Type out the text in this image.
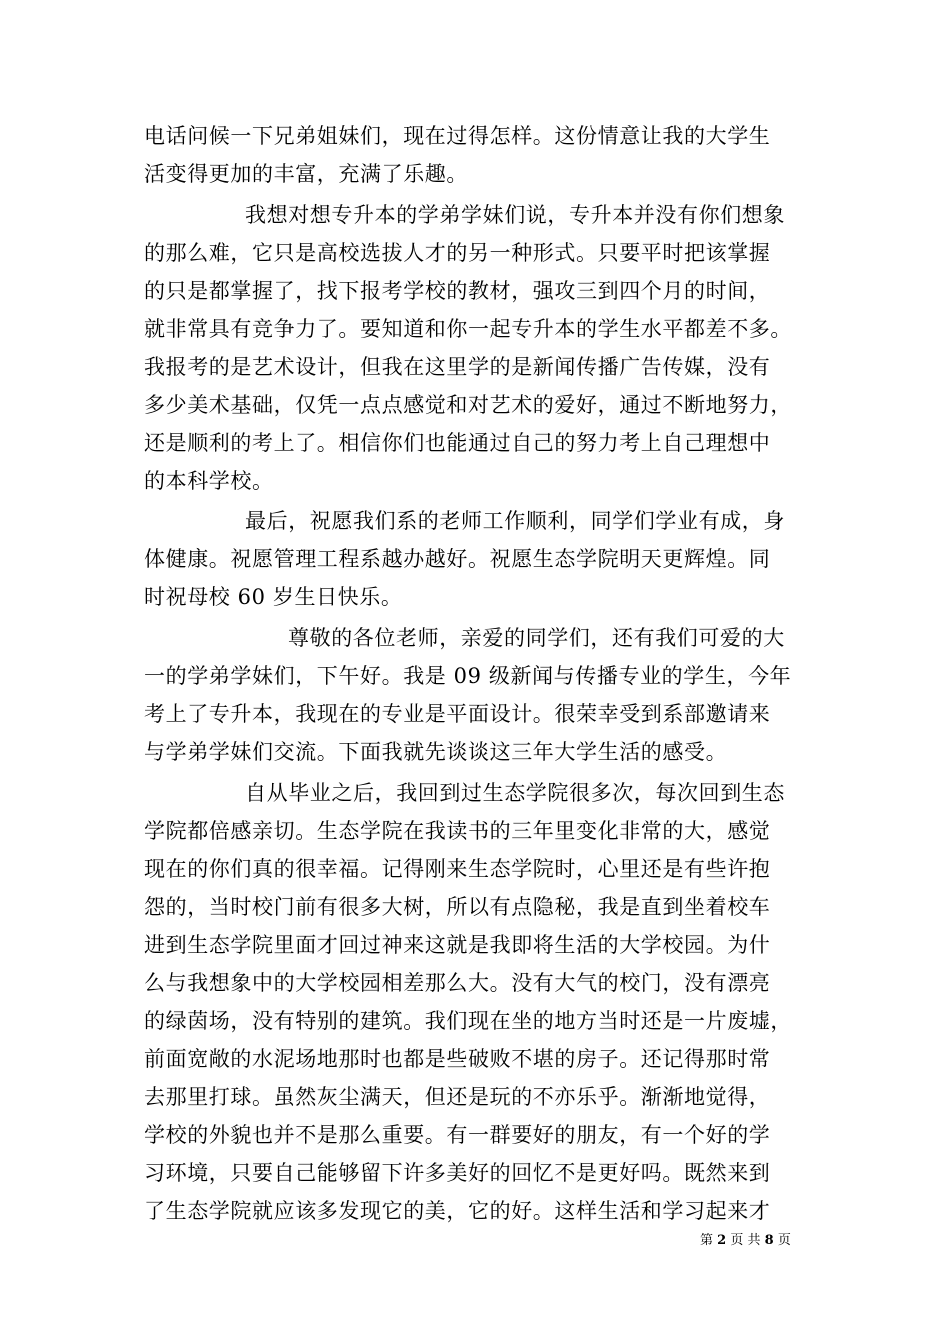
电话问候一下兄弟姐妹们，现在过得怎样。这份情意让我的大学生
活变得更加的丰富，充满了乐趣。
我想对想专升本的学弟学妹们说，专升本并没有你们想象
的那么难，它只是高校选拔人才的另一种形式。只要平时把该掌握
的只是都掌握了，找下报考学校的教材，强攻三到四个月的时间，
就非常具有竞争力了。要知道和你一起专升本的学生水平都差不多。
我报考的是艺术设计，但我在这里学的是新闻传播广告传媒，没有
多少美术基础，仅凭一点点感觉和对艺术的爱好，通过不断地努力，
还是顺利的考上了。相信你们也能通过自己的努力考上自己理想中
的本科学校。
最后，祝愿我们系的老师工作顺利，同学们学业有成，身
体健康。祝愿管理工程系越办越好。祝愿生态学院明天更辉煌。同
时祝母校 60 岁生日快乐。
尊敬的各位老师，亲爱的同学们，还有我们可爱的大
一的学弟学妹们，下午好。我是 09 级新闻与传播专业的学生，今年
考上了专升本，我现在的专业是平面设计。很荣幸受到系部邀请来
与学弟学妹们交流。下面我就先谈谈这三年大学生活的感受。
自从毕业之后，我回到过生态学院很多次，每次回到生态
学院都倍感亲切。生态学院在我读书的三年里变化非常的大，感觉
现在的你们真的很幸福。记得刚来生态学院时，心里还是有些许抱
怨的，当时校门前有很多大树，所以有点隐秘，我是直到坐着校车
进到生态学院里面才回过神来这就是我即将生活的大学校园。为什
么与我想象中的大学校园相差那么大。没有大气的校门，没有漂亮
的绿茵场，没有特别的建筑。我们现在坐的地方当时还是一片废墟，
前面宽敞的水泥场地那时也都是些破败不堪的房子。还记得那时常
去那里打球。虽然灰尘满天，但还是玩的不亦乐乎。渐渐地觉得，
学校的外貌也并不是那么重要。有一群要好的朋友，有一个好的学
习环境，只要自己能够留下许多美好的回忆不是更好吗。既然来到
了生态学院就应该多发现它的美，它的好。这样生活和学习起来才
第 2 页 共 8 页
